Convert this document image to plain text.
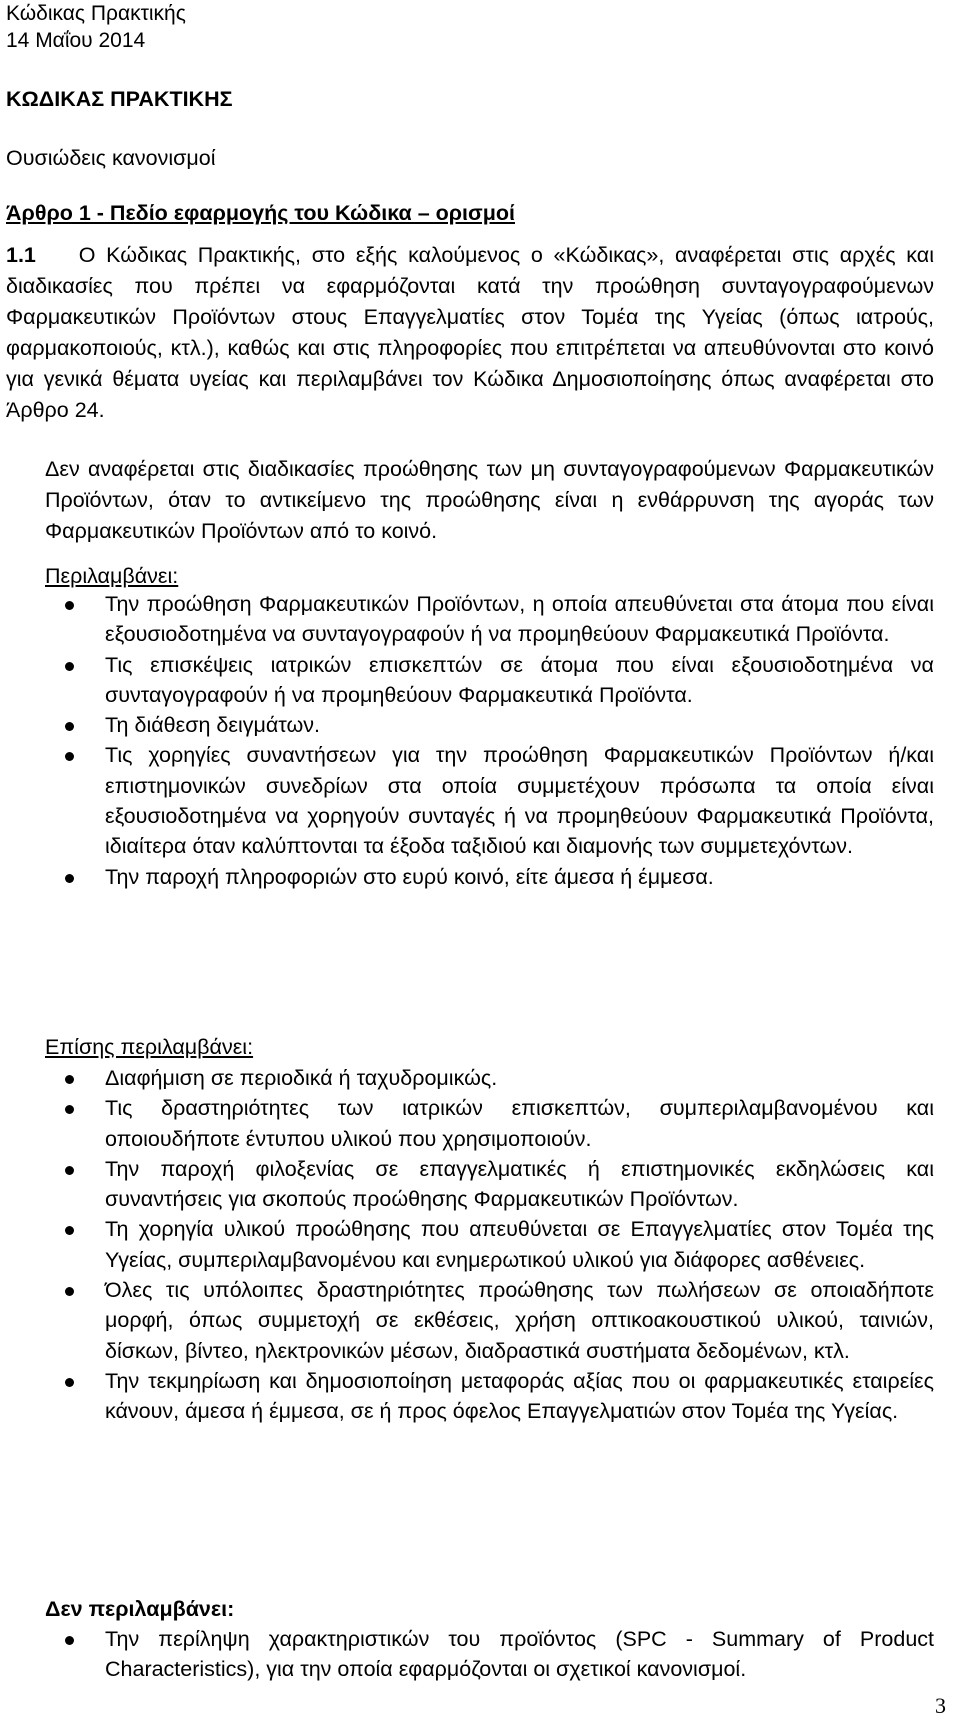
Κώδικας Πρακτικής
14 Μαΐου 2014
ΚΩΔΙΚΑΣ ΠΡΑΚΤΙΚΗΣ
Ουσιώδεις κανονισμοί
Άρθρο 1 - Πεδίο εφαρμογής του Κώδικα – ορισμοί
1.1 Ο Κώδικας Πρακτικής, στο εξής καλούμενος ο «Κώδικας», αναφέρεται στις αρχές και διαδικασίες που πρέπει να εφαρμόζονται κατά την προώθηση συνταγογραφούμενων Φαρμακευτικών Προϊόντων στους Επαγγελματίες στον Τομέα της Υγείας (όπως ιατρούς, φαρμακοποιούς, κτλ.), καθώς και στις πληροφορίες που επιτρέπεται να απευθύνονται στο κοινό για γενικά θέματα υγείας και περιλαμβάνει τον Κώδικα Δημοσιοποίησης όπως αναφέρεται στο Άρθρο 24.
Δεν αναφέρεται στις διαδικασίες προώθησης των μη συνταγογραφούμενων Φαρμακευτικών Προϊόντων, όταν το αντικείμενο της προώθησης είναι η ενθάρρυνση της αγοράς των Φαρμακευτικών Προϊόντων από το κοινό.
Περιλαμβάνει:
Την προώθηση Φαρμακευτικών Προϊόντων, η οποία απευθύνεται στα άτομα που είναι εξουσιοδοτημένα να συνταγογραφούν ή να προμηθεύουν Φαρμακευτικά Προϊόντα.
Τις επισκέψεις ιατρικών επισκεπτών σε άτομα που είναι εξουσιοδοτημένα να συνταγογραφούν ή να προμηθεύουν Φαρμακευτικά Προϊόντα.
Τη διάθεση δειγμάτων.
Τις χορηγίες συναντήσεων για την προώθηση Φαρμακευτικών Προϊόντων ή/και επιστημονικών συνεδρίων στα οποία συμμετέχουν πρόσωπα τα οποία είναι εξουσιοδοτημένα να χορηγούν συνταγές ή να προμηθεύουν Φαρμακευτικά Προϊόντα, ιδιαίτερα όταν καλύπτονται τα έξοδα ταξιδιού και διαμονής των συμμετεχόντων.
Την παροχή πληροφοριών στο ευρύ κοινό, είτε άμεσα ή έμμεσα.
Επίσης περιλαμβάνει:
Διαφήμιση σε περιοδικά ή ταχυδρομικώς.
Τις δραστηριότητες των ιατρικών επισκεπτών, συμπεριλαμβανομένου και οποιουδήποτε έντυπου υλικού που χρησιμοποιούν.
Την παροχή φιλοξενίας σε επαγγελματικές ή επιστημονικές εκδηλώσεις και συναντήσεις για σκοπούς προώθησης Φαρμακευτικών Προϊόντων.
Τη χορηγία υλικού προώθησης που απευθύνεται σε Επαγγελματίες στον Τομέα της Υγείας, συμπεριλαμβανομένου και ενημερωτικού υλικού για διάφορες ασθένειες.
Όλες τις υπόλοιπες δραστηριότητες προώθησης των πωλήσεων σε οποιαδήποτε μορφή, όπως συμμετοχή σε εκθέσεις, χρήση οπτικοακουστικού υλικού, ταινιών, δίσκων, βίντεο, ηλεκτρονικών μέσων, διαδραστικά συστήματα δεδομένων, κτλ.
Την τεκμηρίωση και δημοσιοποίηση μεταφοράς αξίας που οι φαρμακευτικές εταιρείες κάνουν, άμεσα ή έμμεσα, σε ή προς όφελος Επαγγελματιών στον Τομέα της Υγείας.
Δεν περιλαμβάνει:
Την περίληψη χαρακτηριστικών του προϊόντος (SPC - Summary of Product Characteristics), για την οποία εφαρμόζονται οι σχετικοί κανονισμοί.
3
